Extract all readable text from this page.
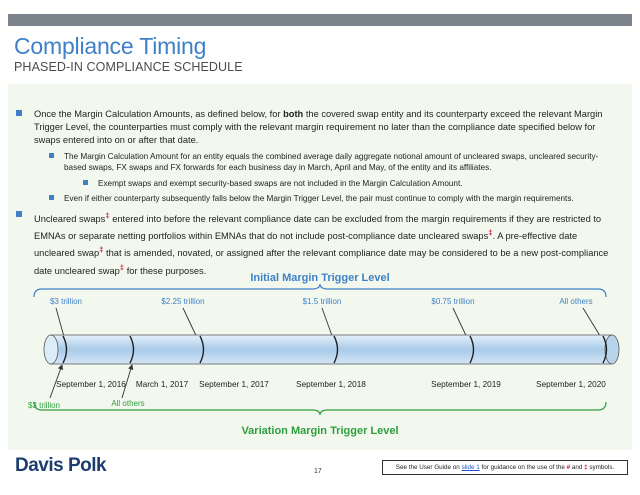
Compliance Timing
PHASED-IN COMPLIANCE SCHEDULE
Once the Margin Calculation Amounts, as defined below, for both the covered swap entity and its counterparty exceed the relevant Margin Trigger Level, the counterparties must comply with the relevant margin requirement no later than the compliance date specified below for swaps entered into on or after that date.
The Margin Calculation Amount for an entity equals the combined average daily aggregate notional amount of uncleared swaps, uncleared security-based swaps, FX swaps and FX forwards for each business day in March, April and May, of the entity and its affiliates.
Exempt swaps and exempt security-based swaps are not included in the Margin Calculation Amount.
Even if either counterparty subsequently falls below the Margin Trigger Level, the pair must continue to comply with the margin requirements.
Uncleared swaps‡ entered into before the relevant compliance date can be excluded from the margin requirements if they are restricted to EMNAs or separate netting portfolios within EMNAs that do not include post-compliance date uncleared swaps‡. A pre-effective date uncleared swap‡ that is amended, novated, or assigned after the relevant compliance date may be considered to be a new post-compliance date uncleared swap‡ for these purposes.
Initial Margin Trigger Level
$3 trillion	$2.25 trillion	$1.5 trillion	$0.75 trillion	All others
September 1, 2016 March 1, 2017 September 1, 2017	September 1, 2018	September 1, 2019	September 1, 2020
$3 trillion	All others
Variation Margin Trigger Level
Davis Polk	17
See the User Guide on slide 1 for guidance on the use of the # and ‡ symbols.
